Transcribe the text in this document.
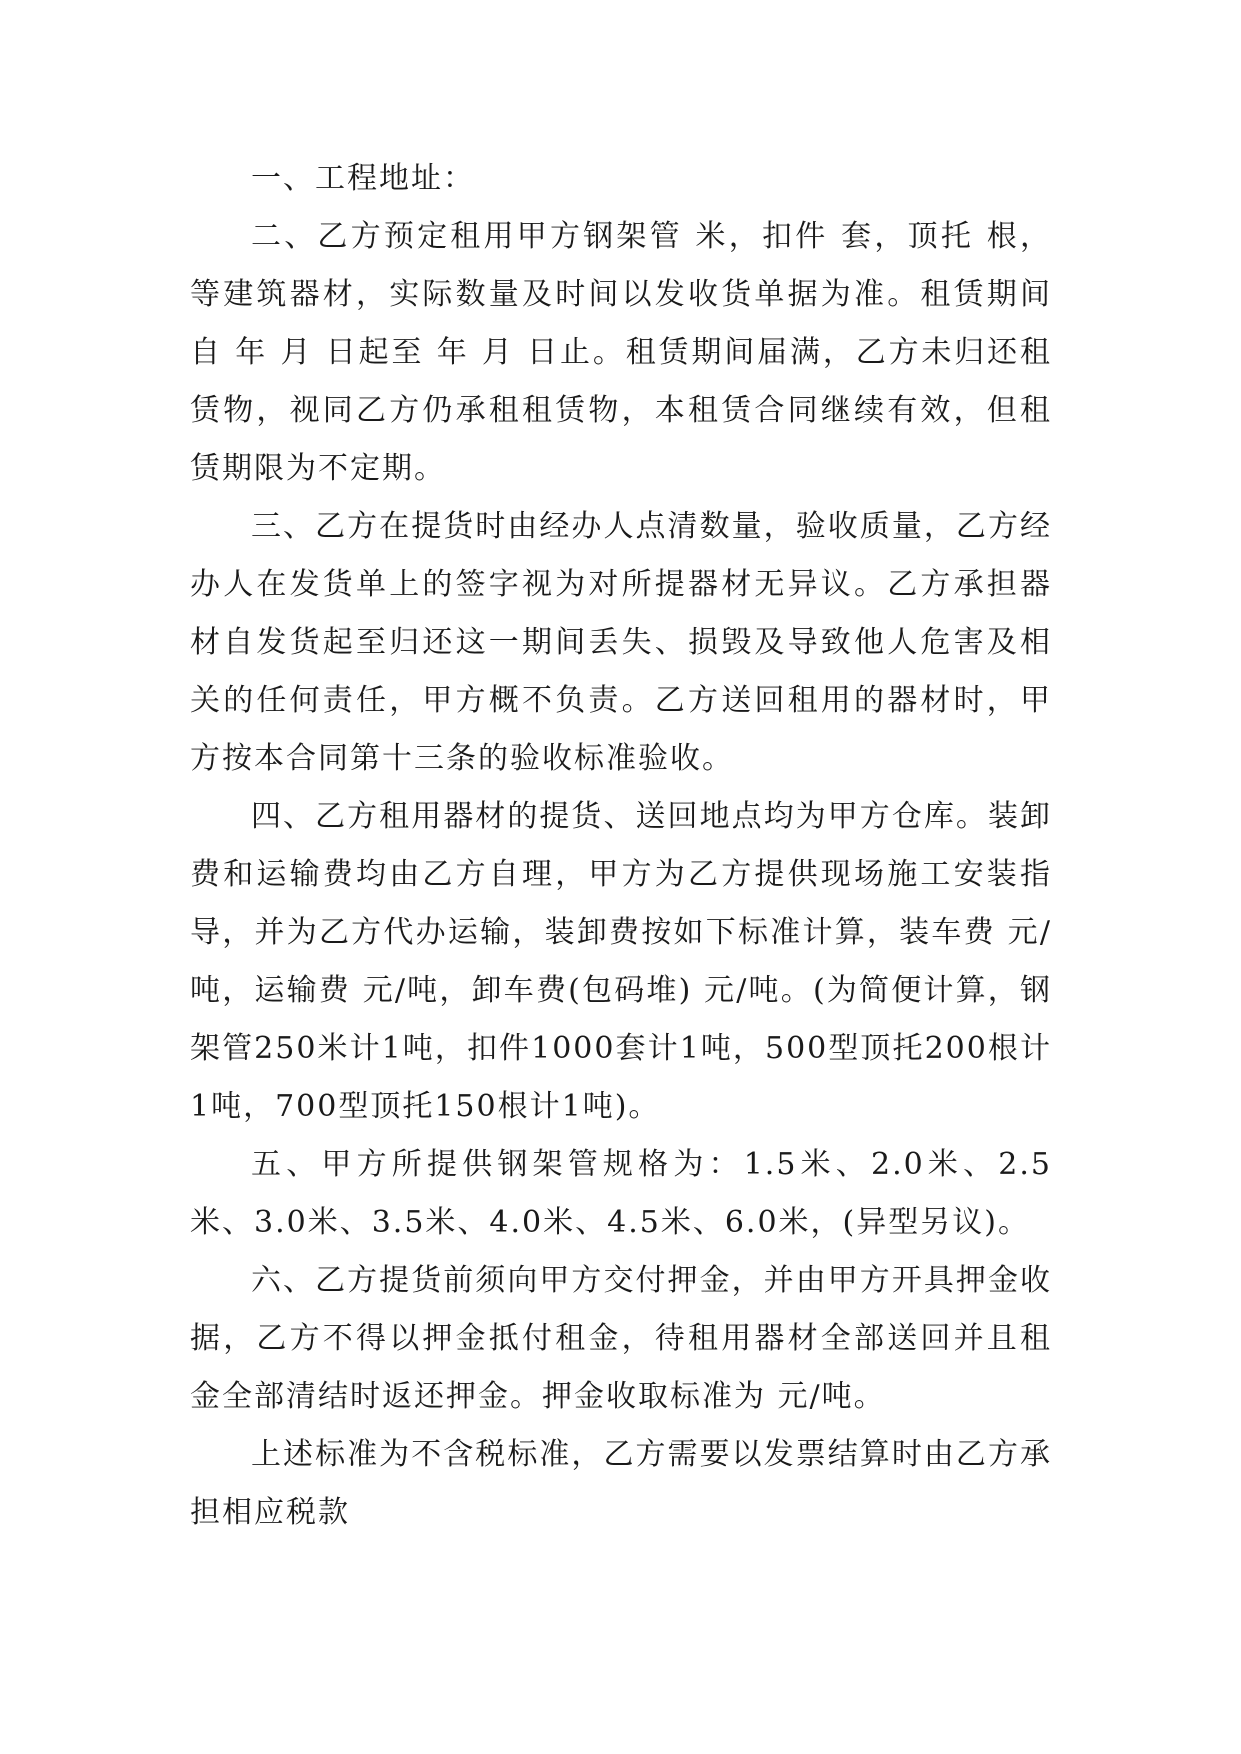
一、工程地址：

二、乙方预定租用甲方钢架管 米，扣件 套，顶托 根，等建筑器材，实际数量及时间以发收货单据为准。租赁期间自 年 月 日起至 年 月 日止。租赁期间届满，乙方未归还租赁物，视同乙方仍承租租赁物，本租赁合同继续有效，但租赁期限为不定期。

三、乙方在提货时由经办人点清数量，验收质量，乙方经办人在发货单上的签字视为对所提器材无异议。乙方承担器材自发货起至归还这一期间丢失、损毁及导致他人危害及相关的任何责任，甲方概不负责。乙方送回租用的器材时，甲方按本合同第十三条的验收标准验收。

四、乙方租用器材的提货、送回地点均为甲方仓库。装卸费和运输费均由乙方自理，甲方为乙方提供现场施工安装指导，并为乙方代办运输，装卸费按如下标准计算，装车费 元/吨，运输费 元/吨，卸车费(包码堆) 元/吨。(为简便计算，钢架管250米计1吨，扣件1000套计1吨，500型顶托200根计1吨，700型顶托150根计1吨)。

五、甲方所提供钢架管规格为：1.5米、2.0米、2.5米、3.0米、3.5米、4.0米、4.5米、6.0米，(异型另议)。

六、乙方提货前须向甲方交付押金，并由甲方开具押金收据，乙方不得以押金抵付租金，待租用器材全部送回并且租金全部清结时返还押金。押金收取标准为 元/吨。

上述标准为不含税标准，乙方需要以发票结算时由乙方承担相应税款
